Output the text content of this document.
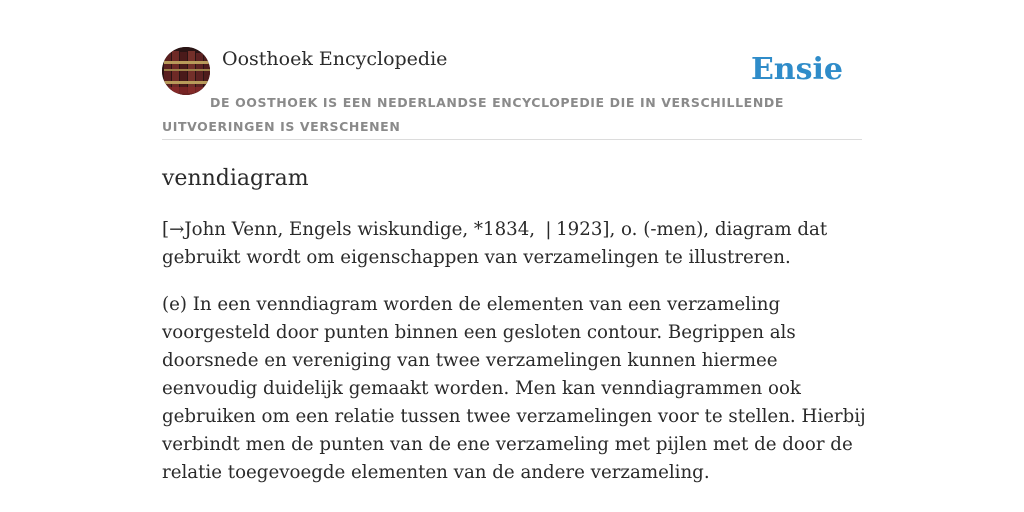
Oosthoek Encyclopedie	Ensie
DE OOSTHOEK IS EEN NEDERLANDSE ENCYCLOPEDIE DIE IN VERSCHILLENDE UITVOERINGEN IS VERSCHENEN
venndiagram

[→John Venn, Engels wiskundige, *1834, ❘1923], o. (-men), diagram dat gebruikt wordt om eigenschappen van verzamelingen te illustreren.

(e) In een venndiagram worden de elementen van een verzameling voorgesteld door punten binnen een gesloten contour. Begrippen als doorsnede en vereniging van twee verzamelingen kunnen hiermee eenvoudig duidelijk gemaakt worden. Men kan venndiagrammen ook gebruiken om een relatie tussen twee verzamelingen voor te stellen. Hierbij verbindt men de punten van de ene verzameling met pijlen met de door de relatie toegevoegde elementen van de andere verzameling.
